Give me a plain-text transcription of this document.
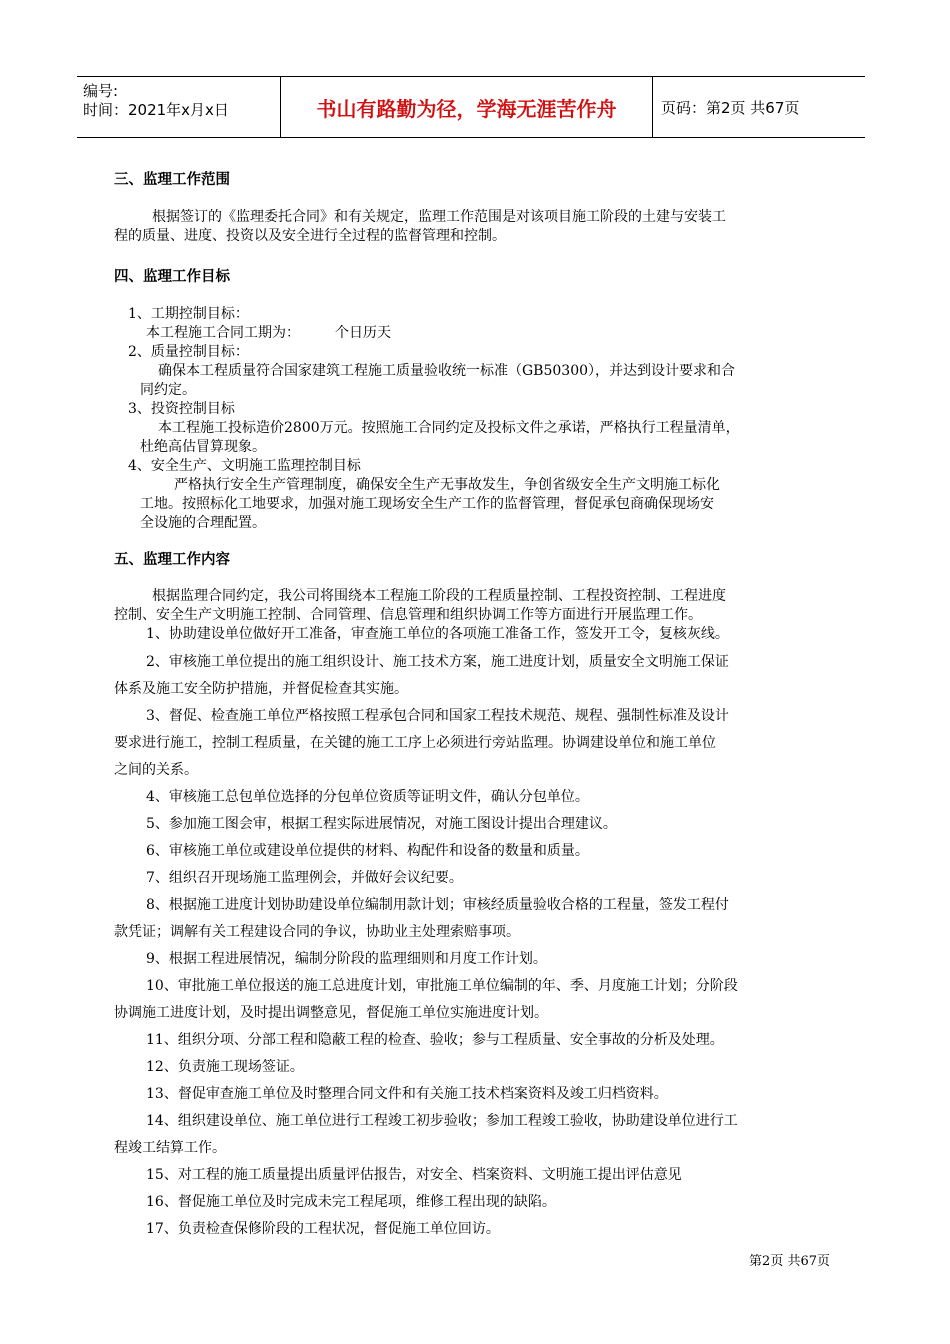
编号:
时间：2021年x月x日	书山有路勤为径，学海无涯苦作舟	页码：第2页 共67页
三、监理工作范围

根据签订的《监理委托合同》和有关规定，监理工作范围是对该项目施工阶段的土建与安装工

程的质量、进度、投资以及安全进行全过程的监督管理和控制。

四、监理工作目标

1、工期控制目标：

本工程施工合同工期为：　　　个日历天

2、质量控制目标：

确保本工程质量符合国家建筑工程施工质量验收统一标准（GB50300），并达到设计要求和合

同约定。

3、投资控制目标

本工程施工投标造价2800万元。按照施工合同约定及投标文件之承诺，严格执行工程量清单，

杜绝高估冒算现象。

4、安全生产、文明施工监理控制目标

严格执行安全生产管理制度，确保安全生产无事故发生，争创省级安全生产文明施工标化

工地。按照标化工地要求，加强对施工现场安全生产工作的监督管理，督促承包商确保现场安

全设施的合理配置。

五、监理工作内容

根据监理合同约定，我公司将围绕本工程施工阶段的工程质量控制、工程投资控制、工程进度

控制、安全生产文明施工控制、合同管理、信息管理和组织协调工作等方面进行开展监理工作。

1、协助建设单位做好开工准备，审查施工单位的各项施工准备工作，签发开工令，复核灰线。

2、审核施工单位提出的施工组织设计、施工技术方案，施工进度计划，质量安全文明施工保证

体系及施工安全防护措施，并督促检查其实施。

3、督促、检查施工单位严格按照工程承包合同和国家工程技术规范、规程、强制性标准及设计

要求进行施工，控制工程质量，在关键的施工工序上必须进行旁站监理。协调建设单位和施工单位

之间的关系。

4、审核施工总包单位选择的分包单位资质等证明文件，确认分包单位。

5、参加施工图会审，根据工程实际进展情况，对施工图设计提出合理建议。

6、审核施工单位或建设单位提供的材料、构配件和设备的数量和质量。

7、组织召开现场施工监理例会，并做好会议纪要。

8、根据施工进度计划协助建设单位编制用款计划；审核经质量验收合格的工程量，签发工程付

款凭证；调解有关工程建设合同的争议，协助业主处理索赔事项。

9、根据工程进展情况，编制分阶段的监理细则和月度工作计划。

10、审批施工单位报送的施工总进度计划，审批施工单位编制的年、季、月度施工计划；分阶段

协调施工进度计划，及时提出调整意见，督促施工单位实施进度计划。

11、组织分项、分部工程和隐蔽工程的检查、验收；参与工程质量、安全事故的分析及处理。

12、负责施工现场签证。

13、督促审查施工单位及时整理合同文件和有关施工技术档案资料及竣工归档资料。

14、组织建设单位、施工单位进行工程竣工初步验收；参加工程竣工验收，协助建设单位进行工

程竣工结算工作。

15、对工程的施工质量提出质量评估报告，对安全、档案资料、文明施工提出评估意见

16、督促施工单位及时完成未完工程尾项，维修工程出现的缺陷。

17、负责检查保修阶段的工程状况，督促施工单位回访。

第2页 共67页
